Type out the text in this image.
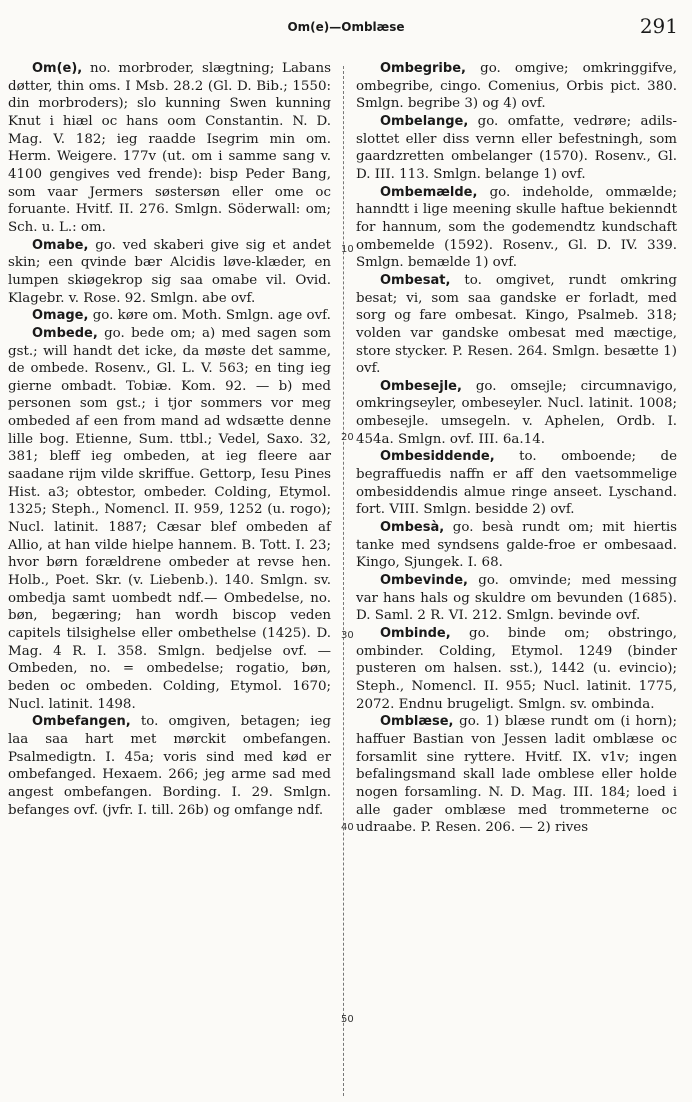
Om(e)—Omblæse	291
10
20
30
40
50

Om(e), no. morbroder, slægtning; Labans døtter, thin oms. I Msb. 28.2 (Gl. D. Bib.; 1550: din morbroders); slo kunning Swen kunning Knut i hiæl oc hans oom Constantin. N. D. Mag. V. 182; ieg raadde Isegrim min om. Herm. Weigere. 177v (ut. om i samme sang v. 4100 gengives ved frende): bisp Peder Bang, som vaar Jermers søstersøn eller ome oc foruante. Hvitf. II. 276. Smlgn. Söderwall: om; Sch. u. L.: om.

Omabe, go. ved skaberi give sig et andet skin; een qvinde bær Alcidis løve-klæder, en lumpen skiøgekrop sig saa omabe vil. Ovid. Klagebr. v. Rose. 92. Smlgn. abe ovf.

Omage, go. køre om. Moth. Smlgn. age ovf.

Ombede, go. bede om; a) med sagen som gst.; will handt det icke, da møste det samme, de ombede. Rosenv., Gl. L. V. 563; en ting ieg gierne ombadt. Tobiæ. Kom. 92. — b) med personen som gst.; i tjor sommers vor meg ombeded af een from mand ad wdsætte denne lille bog. Etienne, Sum. ttbl.; Vedel, Saxo. 32, 381; bleff ieg ombeden, at ieg fleere aar saadane rijm vilde skriffue. Gettorp, Iesu Pines Hist. a3; obtestor, ombeder. Colding, Etymol. 1325; Steph., Nomencl. II. 959, 1252 (u. rogo); Nucl. latinit. 1887; Cæsar blef ombeden af Allio, at han vilde hielpe hannem. B. Tott. I. 23; hvor børn forældrene ombeder at revse hen. Holb., Poet. Skr. (v. Liebenb.). 140. Smlgn. sv. ombedja samt uombedt ndf.— Ombedelse, no. bøn, begæring; han wordh biscop veden capitels tilsighelse eller ombethelse (1425). D. Mag. 4 R. I. 358. Smlgn. bedjelse ovf. — Ombeden, no. = ombedelse; rogatio, bøn, beden oc ombeden. Colding, Etymol. 1670; Nucl. latinit. 1498.

Ombefangen, to. omgiven, betagen; ieg laa saa hart met mørckit ombefangen. Psalmedigtn. I. 45a; voris sind med kød er ombefanged. Hexaem. 266; jeg arme sad med angest ombefangen. Bording. I. 29. Smlgn. befanges ovf. (jvfr. I. till. 26b) og omfange ndf.

Ombegribe, go. omgive; omkringgifve, ombegribe, cingo. Comenius, Orbis pict. 380. Smlgn. begribe 3) og 4) ovf.

Ombelange, go. omfatte, vedrøre; adils-slottet eller diss vernn eller befestningh, som gaardzretten ombelanger (1570). Rosenv., Gl. D. III. 113. Smlgn. belange 1) ovf.

Ombemælde, go. indeholde, ommælde; hanndtt i lige meening skulle haftue bekienndt for hannum, som the godemendtz kundschaft ombemelde (1592). Rosenv., Gl. D. IV. 339. Smlgn. bemælde 1) ovf.

Ombesat, to. omgivet, rundt omkring besat; vi, som saa gandske er forladt, med sorg og fare ombesat. Kingo, Psalmeb. 318; volden var gandske ombesat med mæctige, store stycker. P. Resen. 264. Smlgn. besætte 1) ovf.

Ombesejle, go. omsejle; circumnavigo, omkringseyler, ombeseyler. Nucl. latinit. 1008; ombesejle. umsegeln. v. Aphelen, Ordb. I. 454a. Smlgn. ovf. III. 6a.14.

Ombesiddende, to. omboende; de begraffuedis naffn er aff den vaetsommelige ombesiddendis almue ringe anseet. Lyschand. fort. VIII. Smlgn. besidde 2) ovf.

Ombesà, go. besà rundt om; mit hiertis tanke med syndsens galde-froe er ombesaad. Kingo, Sjungek. I. 68.

Ombevinde, go. omvinde; med messing var hans hals og skuldre om bevunden (1685). D. Saml. 2 R. VI. 212. Smlgn. bevinde ovf.

Ombinde, go. binde om; obstringo, ombinder. Colding, Etymol. 1249 (binder pusteren om halsen. sst.), 1442 (u. evincio); Steph., Nomencl. II. 955; Nucl. latinit. 1775, 2072. Endnu brugeligt. Smlgn. sv. ombinda.

Omblæse, go. 1) blæse rundt om (i horn); haffuer Bastian von Jessen ladit omblæse oc forsamlit sine ryttere. Hvitf. IX. v1v; ingen befalingsmand skall lade omblese eller holde nogen forsamling. N. D. Mag. III. 184; loed i alle gader omblæse med trommeterne oc udraabe. P. Resen. 206. — 2) rives
